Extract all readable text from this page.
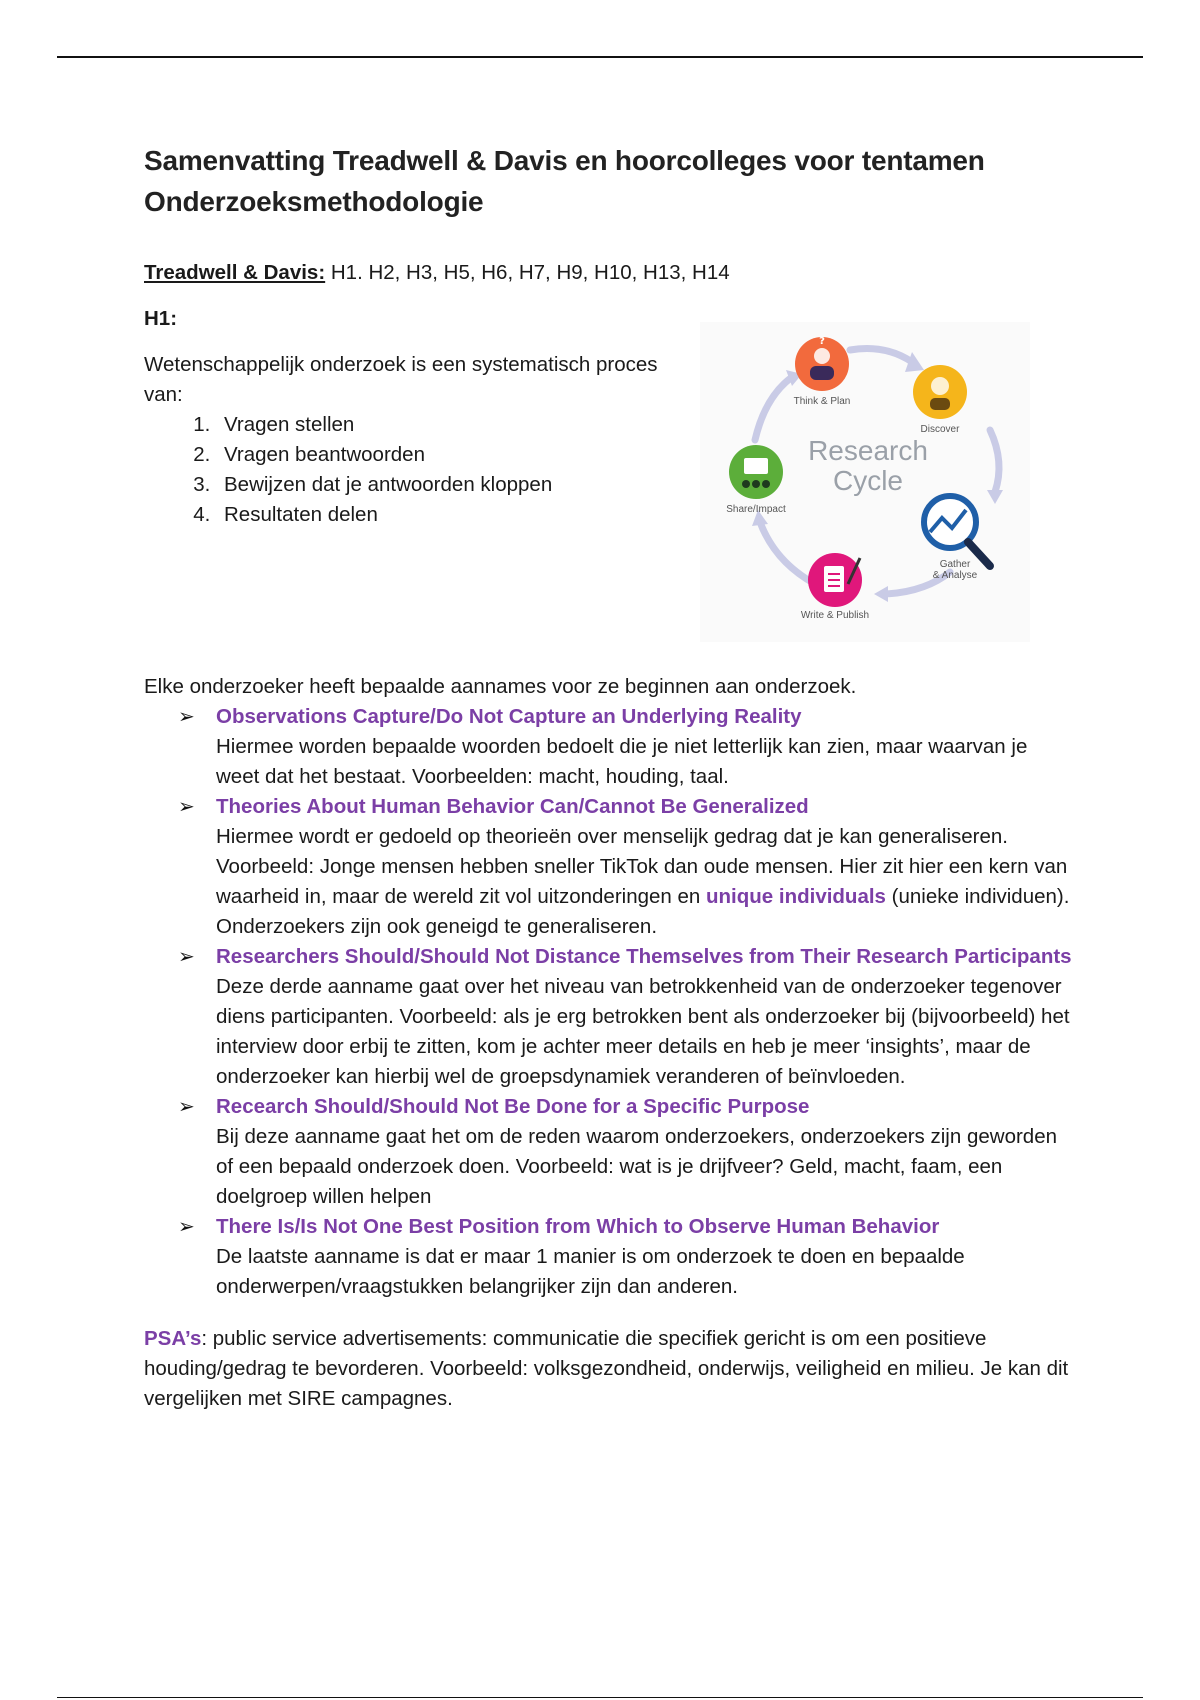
Samenvatting Treadwell & Davis en hoorcolleges voor tentamen Onderzoeksmethodologie

Treadwell & Davis: H1. H2, H3, H5, H6, H7, H9, H10, H13, H14

H1:

Wetenschappelijk onderzoek is een systematisch proces van:

1. Vragen stellen
2. Vragen beantwoorden
3. Bewijzen dat je antwoorden kloppen
4. Resultaten delen
?
Think & Plan
Discover
Gather
& Analyse
Write & Publish
Share/Impact
Research
Cycle

Elke onderzoeker heeft bepaalde aannames voor ze beginnen aan onderzoek.

➢ Observations Capture/Do Not Capture an Underlying Reality
Hiermee worden bepaalde woorden bedoelt die je niet letterlijk kan zien, maar waarvan je weet dat het bestaat. Voorbeelden: macht, houding, taal.
➢ Theories About Human Behavior Can/Cannot Be Generalized
Hiermee wordt er gedoeld op theorieën over menselijk gedrag dat je kan generaliseren. Voorbeeld: Jonge mensen hebben sneller TikTok dan oude mensen. Hier zit hier een kern van waarheid in, maar de wereld zit vol uitzonderingen en unique individuals (unieke individuen). Onderzoekers zijn ook geneigd te generaliseren.
➢ Researchers Should/Should Not Distance Themselves from Their Research Participants
Deze derde aanname gaat over het niveau van betrokkenheid van de onderzoeker tegenover diens participanten. Voorbeeld: als je erg betrokken bent als onderzoeker bij (bijvoorbeeld) het interview door erbij te zitten, kom je achter meer details en heb je meer ‘insights’, maar de onderzoeker kan hierbij wel de groepsdynamiek veranderen of beïnvloeden.
➢ Recearch Should/Should Not Be Done for a Specific Purpose
Bij deze aanname gaat het om de reden waarom onderzoekers, onderzoekers zijn geworden of een bepaald onderzoek doen. Voorbeeld: wat is je drijfveer? Geld, macht, faam, een doelgroep willen helpen
➢ There Is/Is Not One Best Position from Which to Observe Human Behavior
De laatste aanname is dat er maar 1 manier is om onderzoek te doen en bepaalde onderwerpen/vraagstukken belangrijker zijn dan anderen.

PSA’s: public service advertisements: communicatie die specifiek gericht is om een positieve houding/gedrag te bevorderen. Voorbeeld: volksgezondheid, onderwijs, veiligheid en milieu. Je kan dit vergelijken met SIRE campagnes.
